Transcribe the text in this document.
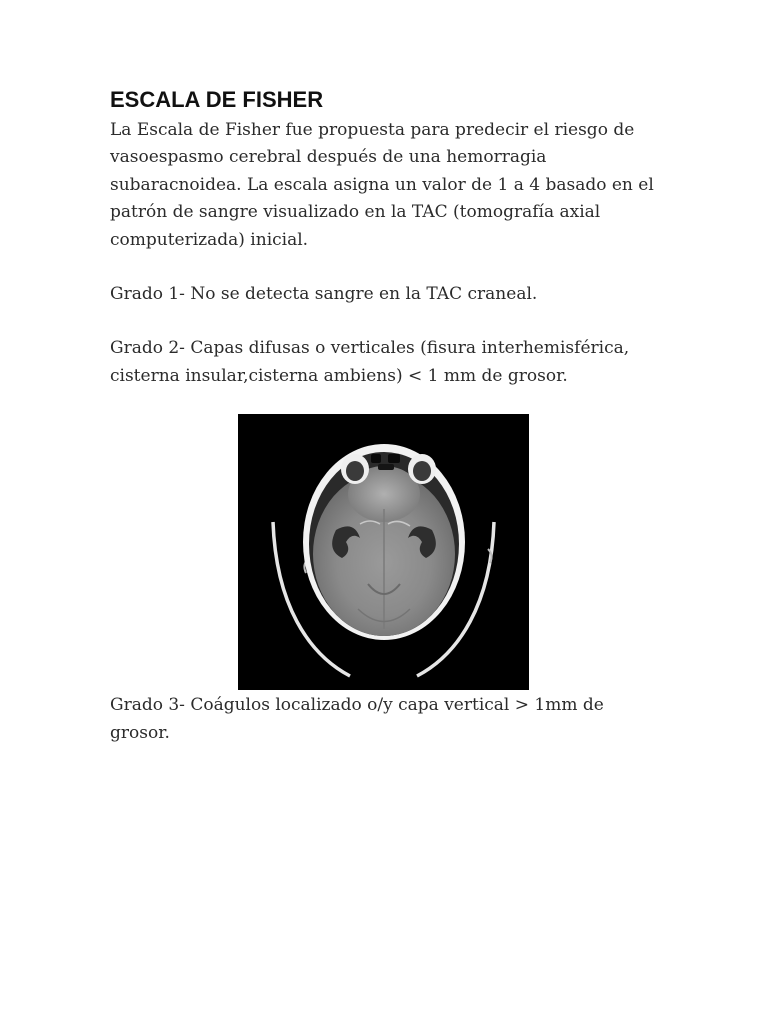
ESCALA DE FISHER

La Escala de Fisher fue propuesta para predecir el riesgo de vasoespasmo cerebral después de una hemorragia subaracnoidea. La escala asigna un valor de 1 a 4 basado en el patrón de sangre visualizado en la TAC (tomografía axial computerizada) inicial.

Grado 1- No se detecta sangre en la TAC craneal.

Grado 2- Capas difusas o verticales (fisura interhemisférica, cisterna insular,cisterna ambiens) < 1 mm de grosor.

Grado 3- Coágulos localizado o/y capa vertical > 1mm de grosor.
